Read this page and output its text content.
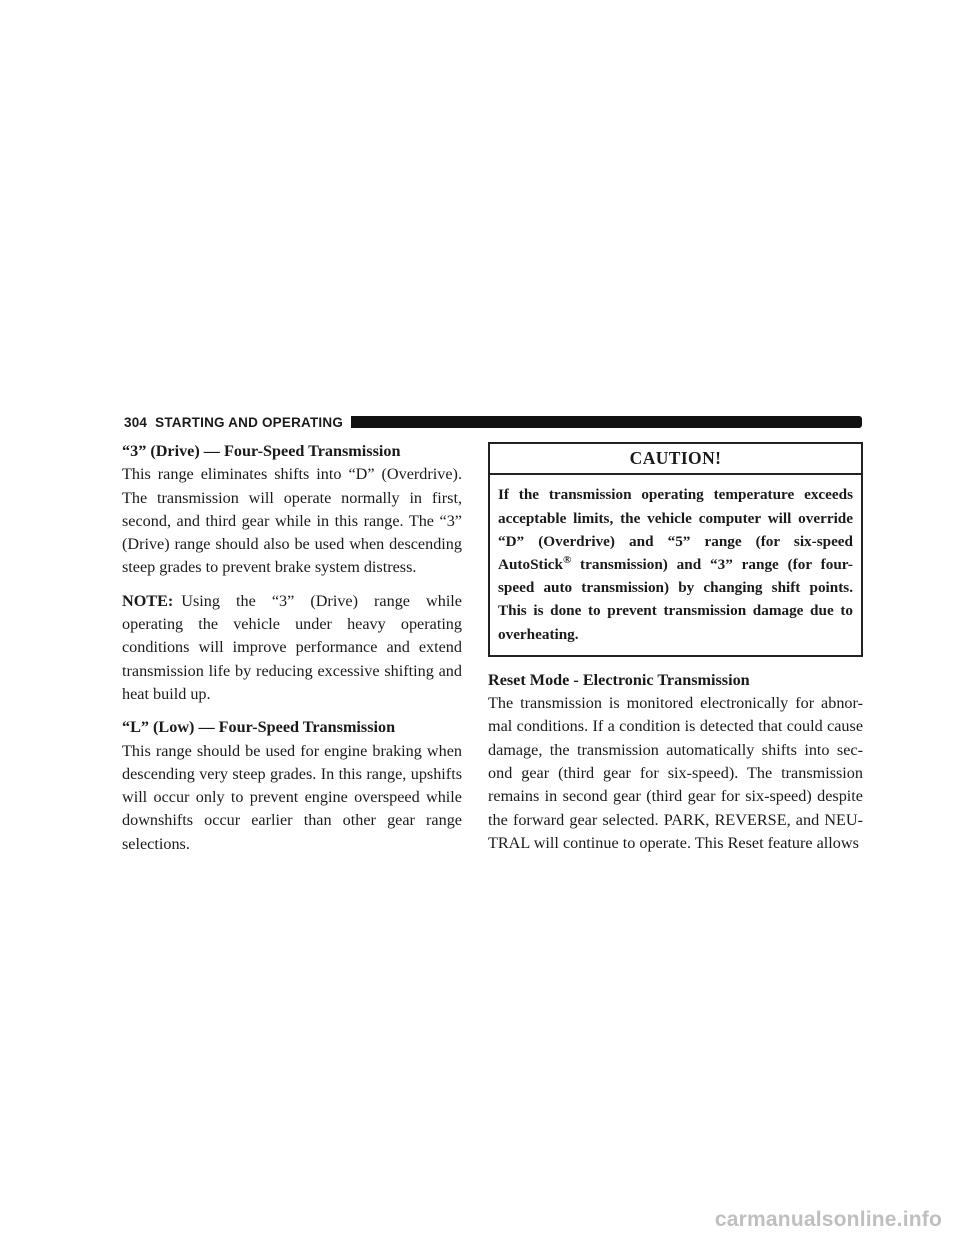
304 STARTING AND OPERATING

“3” (Drive) — Four-Speed Transmission

This range eliminates shifts into “D” (Overdrive). The transmission will operate normally in first, second, and third gear while in this range. The “3” (Drive) range should also be used when descending steep grades to prevent brake system distress.

NOTE: Using the “3” (Drive) range while operating the vehicle under heavy operating conditions will improve performance and extend transmission life by reducing excessive shifting and heat build up.

“L” (Low) — Four-Speed Transmission

This range should be used for engine braking when descending very steep grades. In this range, upshifts will occur only to prevent engine overspeed while downshifts occur earlier than other gear range selections.

CAUTION!
If the transmission operating temperature exceeds acceptable limits, the vehicle computer will override “D” (Overdrive) and “5” range (for six-speed AutoStick® transmission) and “3” range (for four-speed auto transmission) by changing shift points. This is done to prevent transmission damage due to overheating.

Reset Mode - Electronic Transmission

The transmission is monitored electronically for abnor-mal conditions. If a condition is detected that could cause damage, the transmission automatically shifts into sec-ond gear (third gear for six-speed). The transmission remains in second gear (third gear for six-speed) despite the forward gear selected. PARK, REVERSE, and NEU-TRAL will continue to operate. This Reset feature allows

carmanualsonline.info
